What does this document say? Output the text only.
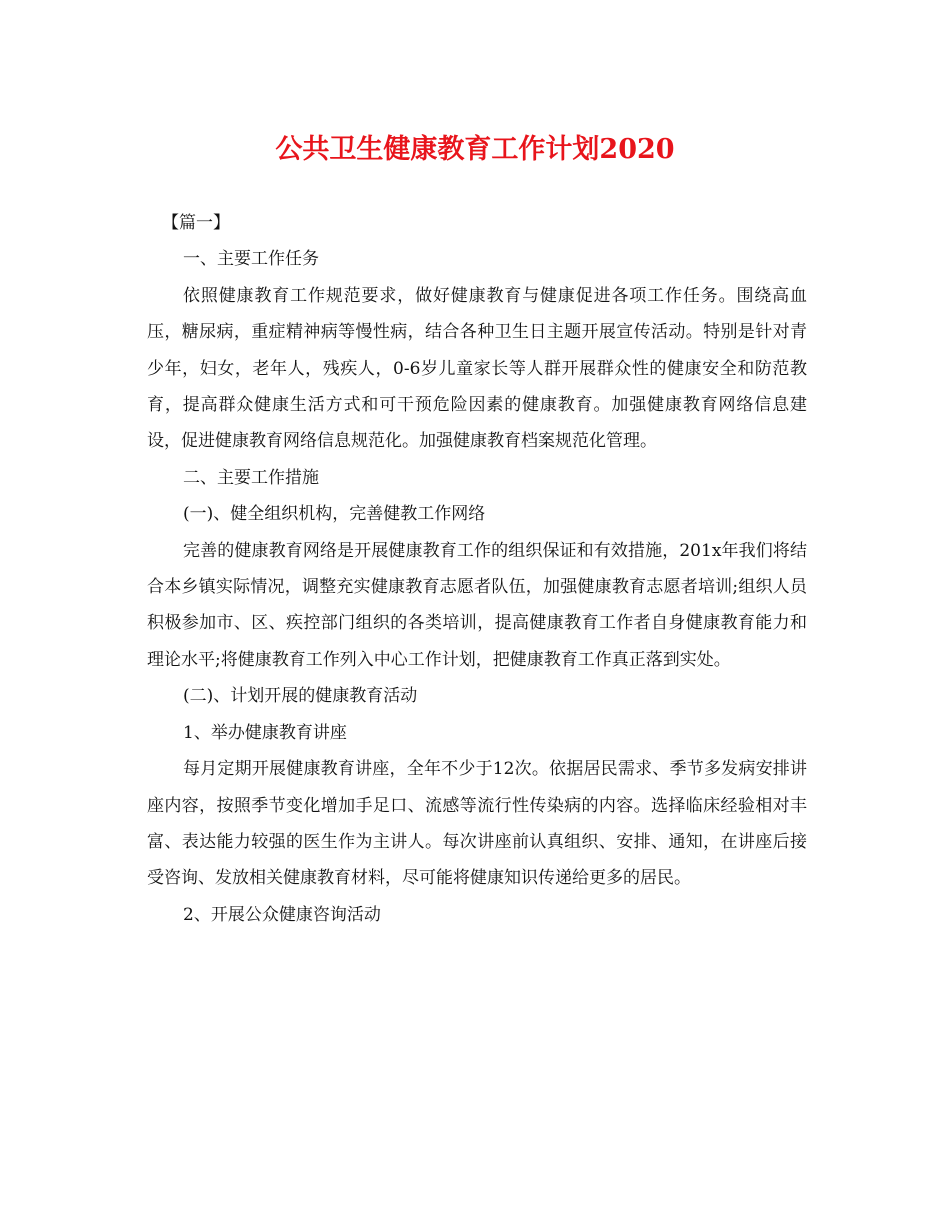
公共卫生健康教育工作计划2020

【篇一】

一、主要工作任务

依照健康教育工作规范要求，做好健康教育与健康促进各项工作任务。围绕高血压，糖尿病，重症精神病等慢性病，结合各种卫生日主题开展宣传活动。特别是针对青少年，妇女，老年人，残疾人，0-6岁儿童家长等人群开展群众性的健康安全和防范教育，提高群众健康生活方式和可干预危险因素的健康教育。加强健康教育网络信息建设，促进健康教育网络信息规范化。加强健康教育档案规范化管理。

二、主要工作措施

(一)、健全组织机构，完善健教工作网络

完善的健康教育网络是开展健康教育工作的组织保证和有效措施，201x年我们将结合本乡镇实际情况，调整充实健康教育志愿者队伍，加强健康教育志愿者培训;组织人员积极参加市、区、疾控部门组织的各类培训，提高健康教育工作者自身健康教育能力和理论水平;将健康教育工作列入中心工作计划，把健康教育工作真正落到实处。

(二)、计划开展的健康教育活动

1、举办健康教育讲座

每月定期开展健康教育讲座，全年不少于12次。依据居民需求、季节多发病安排讲座内容，按照季节变化增加手足口、流感等流行性传染病的内容。选择临床经验相对丰富、表达能力较强的医生作为主讲人。每次讲座前认真组织、安排、通知，在讲座后接受咨询、发放相关健康教育材料，尽可能将健康知识传递给更多的居民。

2、开展公众健康咨询活动
